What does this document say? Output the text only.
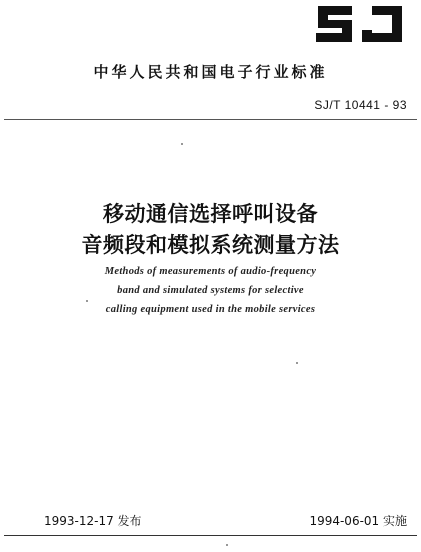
中华人民共和国电子行业标准
SJ/T 10441 - 93
移动通信选择呼叫设备
音频段和模拟系统测量方法
Methods of measurements of audio-frequency
band and simulated systems for selective
calling equipment used in the mobile services
1993-12-17 发布	1994-06-01 实施
